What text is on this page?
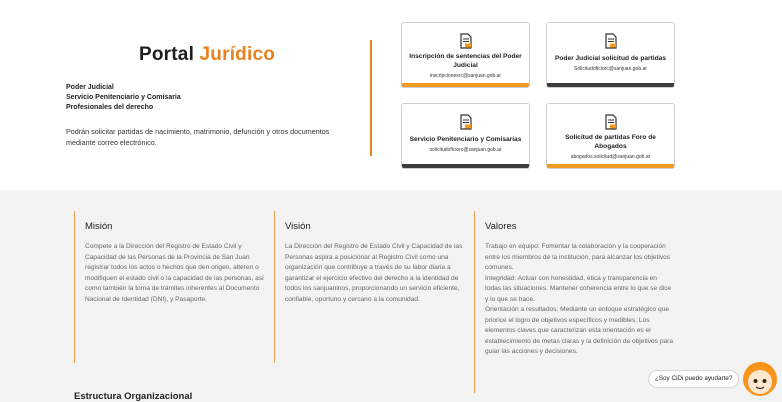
Portal Jurídico
Poder Judicial
Servicio Penitenciario y Comisaria
Profesionales del derecho
Podrán solicitar partidas de nacimiento, matrimonio, defunción y otros documentos mediante correo electrónico.
Inscripción de sentencias del Poder Judicial
inscripcionesrc@sanjuan.gob.ar
Poder Judicial solicitud de partidas
Solicitudoficiorc@sanjuan.gob.ar
Servicio Penitenciario y Comisarías
solicitudoficiorc@sanjuan.gob.ar
Solicitud de partidas Foro de Abogados
abogados.solicitud@sanjuan.gob.ar
Misión

Compete a la Dirección del Registro de Estado Civil y Capacidad de las Personas de la Provincia de San Juan registrar todos los actos o hechos que den origen, alteren o modifiquen el estado civil o la capacidad de las personas, así como también la toma de trámites inherentes al Documento Nacional de Identidad (DNI), y Pasaporte.

Visión

La Dirección del Registro de Estado Civil y Capacidad de las Personas aspira a posicionar al Registro Civil como una organización que contribuye a través de su labor diaria a garantizar el ejercicio efectivo del derecho a la identidad de todos los sanjuaninos, proporcionando un servicio eficiente, confiable, oportuno y cercano a la comunidad.

Valores

Trabajo en equipo: Fomentar la colaboración y la cooperación entre los miembros de la institución, para alcanzar los objetivos comunes.

Integridad: Actuar con honestidad, ética y transparencia en todas las situaciones. Mantener coherencia entre lo que se dice y lo que se hace.

Orientación a resultados: Mediante un enfoque estratégico que priorice el logro de objetivos específicos y medibles. Los elementos claves que caracterizan esta orientación es el establecimiento de metas claras y la definición de objetivos para guiar las acciones y decisiones.

Estructura Organizacional
¿Soy CiDi puedo ayudarte?
